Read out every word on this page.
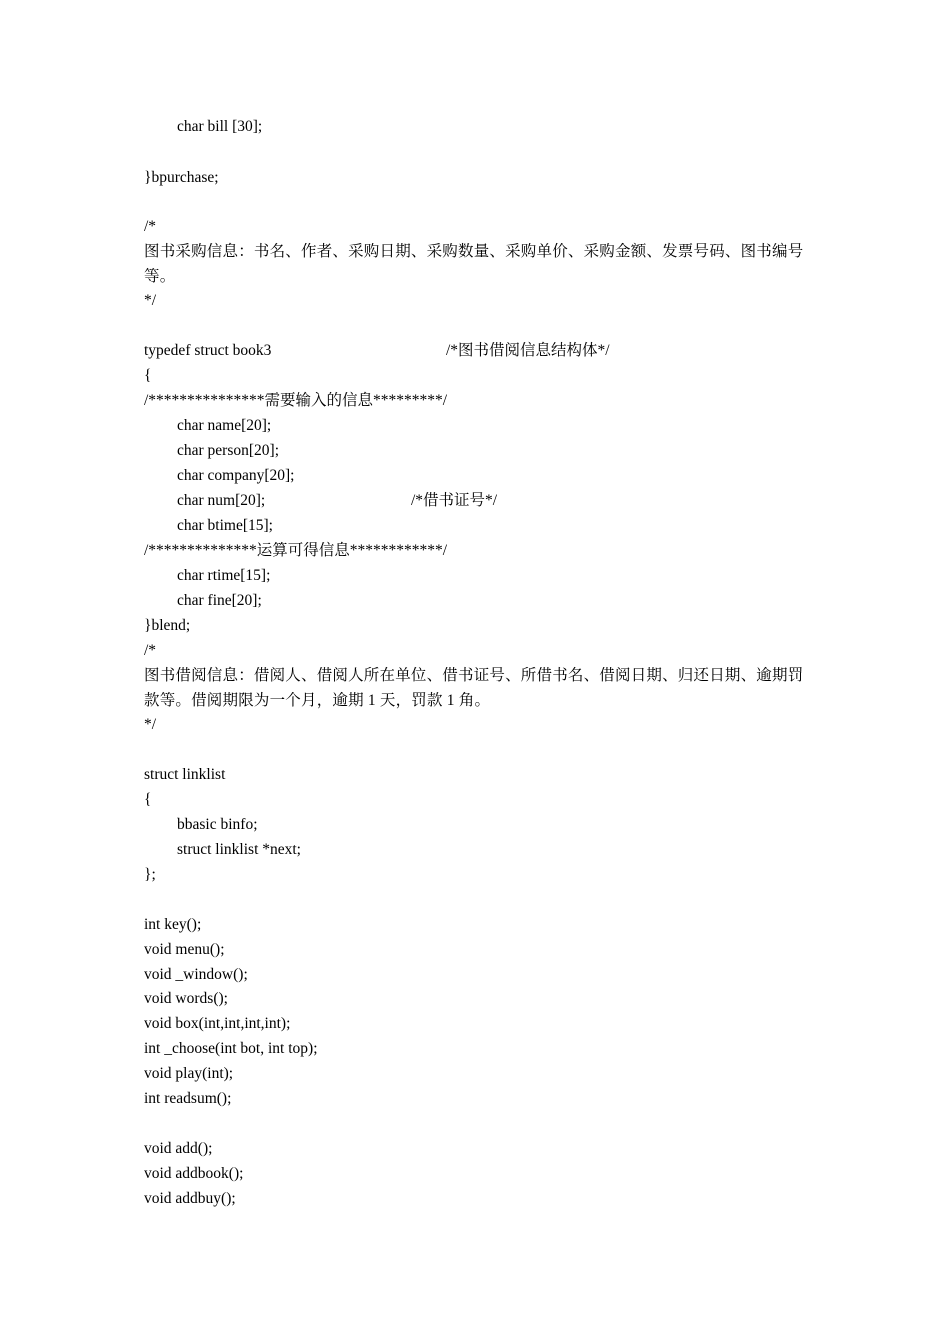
char bill [30];
}bpurchase;
/*
图书采购信息：书名、作者、采购日期、采购数量、采购单价、采购金额、发票号码、图书编号等。
*/
typedef struct book3	/*图书借阅信息结构体*/
{
/***************需要输入的信息*********/
char name[20];
char person[20];
char company[20];
char num[20];	/*借书证号*/
char btime[15];
/**************运算可得信息************/
char rtime[15];
char fine[20];
}blend;
/*
图书借阅信息：借阅人、借阅人所在单位、借书证号、所借书名、借阅日期、归还日期、逾期罚款等。借阅期限为一个月，逾期 1 天，罚款 1 角。
*/
struct linklist
{
bbasic binfo;
struct linklist *next;
};
int key();
void menu();
void _window();
void words();
void box(int,int,int,int);
int _choose(int bot, int top);
void play(int);
int readsum();
void add();
void addbook();
void addbuy();
